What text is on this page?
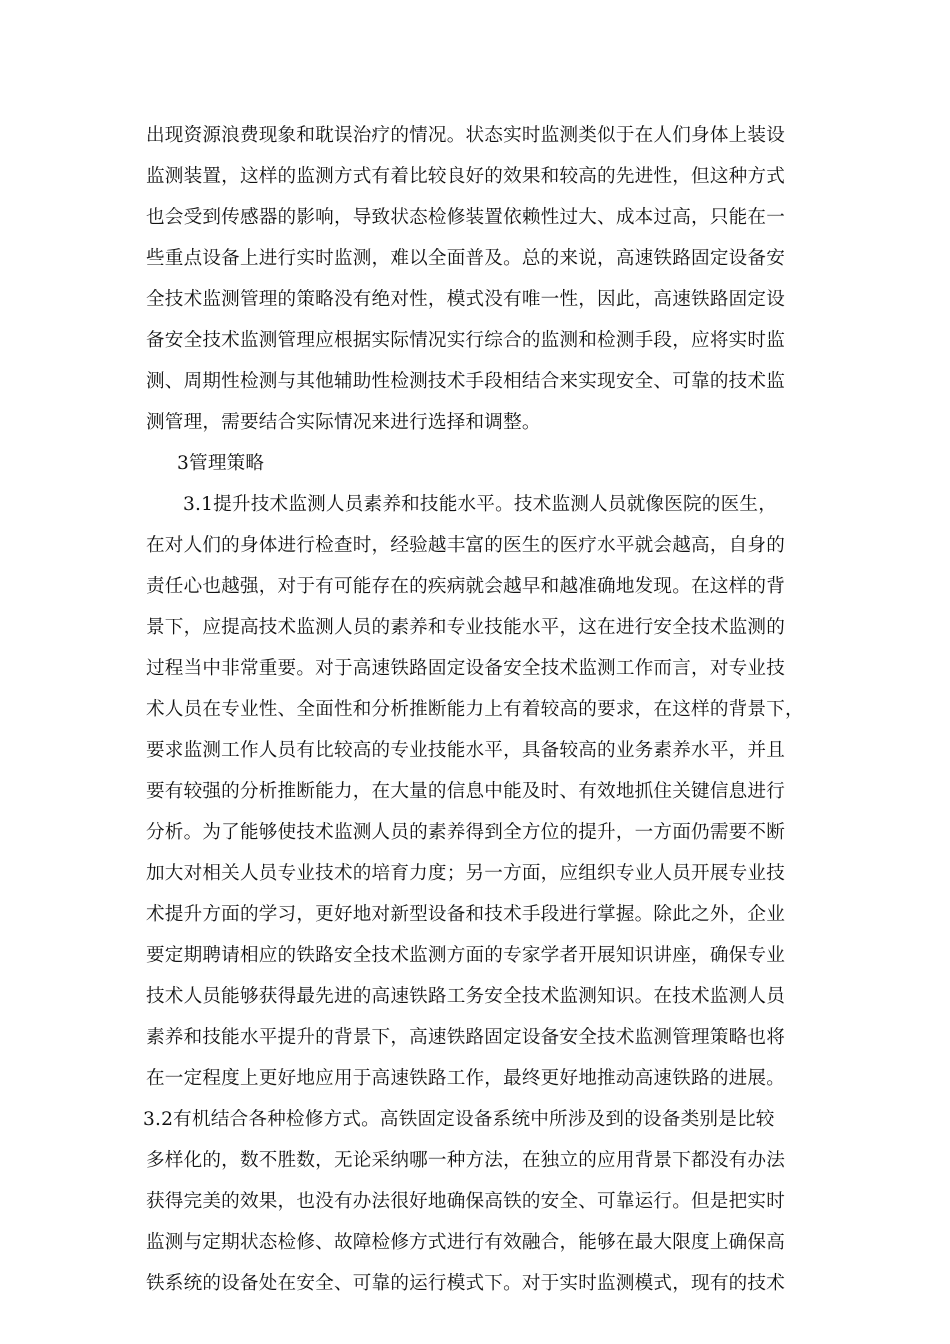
出现资源浪费现象和耽误治疗的情况。状态实时监测类似于在人们身体上装设
监测装置，这样的监测方式有着比较良好的效果和较高的先进性，但这种方式
也会受到传感器的影响，导致状态检修装置依赖性过大、成本过高，只能在一
些重点设备上进行实时监测，难以全面普及。总的来说，高速铁路固定设备安
全技术监测管理的策略没有绝对性，模式没有唯一性，因此，高速铁路固定设
备安全技术监测管理应根据实际情况实行综合的监测和检测手段，应将实时监
测、周期性检测与其他辅助性检测技术手段相结合来实现安全、可靠的技术监
测管理，需要结合实际情况来进行选择和调整。
3管理策略
3.1提升技术监测人员素养和技能水平。技术监测人员就像医院的医生，
在对人们的身体进行检查时，经验越丰富的医生的医疗水平就会越高，自身的
责任心也越强，对于有可能存在的疾病就会越早和越准确地发现。在这样的背
景下，应提高技术监测人员的素养和专业技能水平，这在进行安全技术监测的
过程当中非常重要。对于高速铁路固定设备安全技术监测工作而言，对专业技
术人员在专业性、全面性和分析推断能力上有着较高的要求，在这样的背景下，
要求监测工作人员有比较高的专业技能水平，具备较高的业务素养水平，并且
要有较强的分析推断能力，在大量的信息中能及时、有效地抓住关键信息进行
分析。为了能够使技术监测人员的素养得到全方位的提升，一方面仍需要不断
加大对相关人员专业技术的培育力度；另一方面，应组织专业人员开展专业技
术提升方面的学习，更好地对新型设备和技术手段进行掌握。除此之外，企业
要定期聘请相应的铁路安全技术监测方面的专家学者开展知识讲座，确保专业
技术人员能够获得最先进的高速铁路工务安全技术监测知识。在技术监测人员
素养和技能水平提升的背景下，高速铁路固定设备安全技术监测管理策略也将
在一定程度上更好地应用于高速铁路工作，最终更好地推动高速铁路的进展。
3.2有机结合各种检修方式。高铁固定设备系统中所涉及到的设备类别是比较
多样化的，数不胜数，无论采纳哪一种方法，在独立的应用背景下都没有办法
获得完美的效果，也没有办法很好地确保高铁的安全、可靠运行。但是把实时
监测与定期状态检修、故障检修方式进行有效融合，能够在最大限度上确保高
铁系统的设备处在安全、可靠的运行模式下。对于实时监测模式，现有的技术
